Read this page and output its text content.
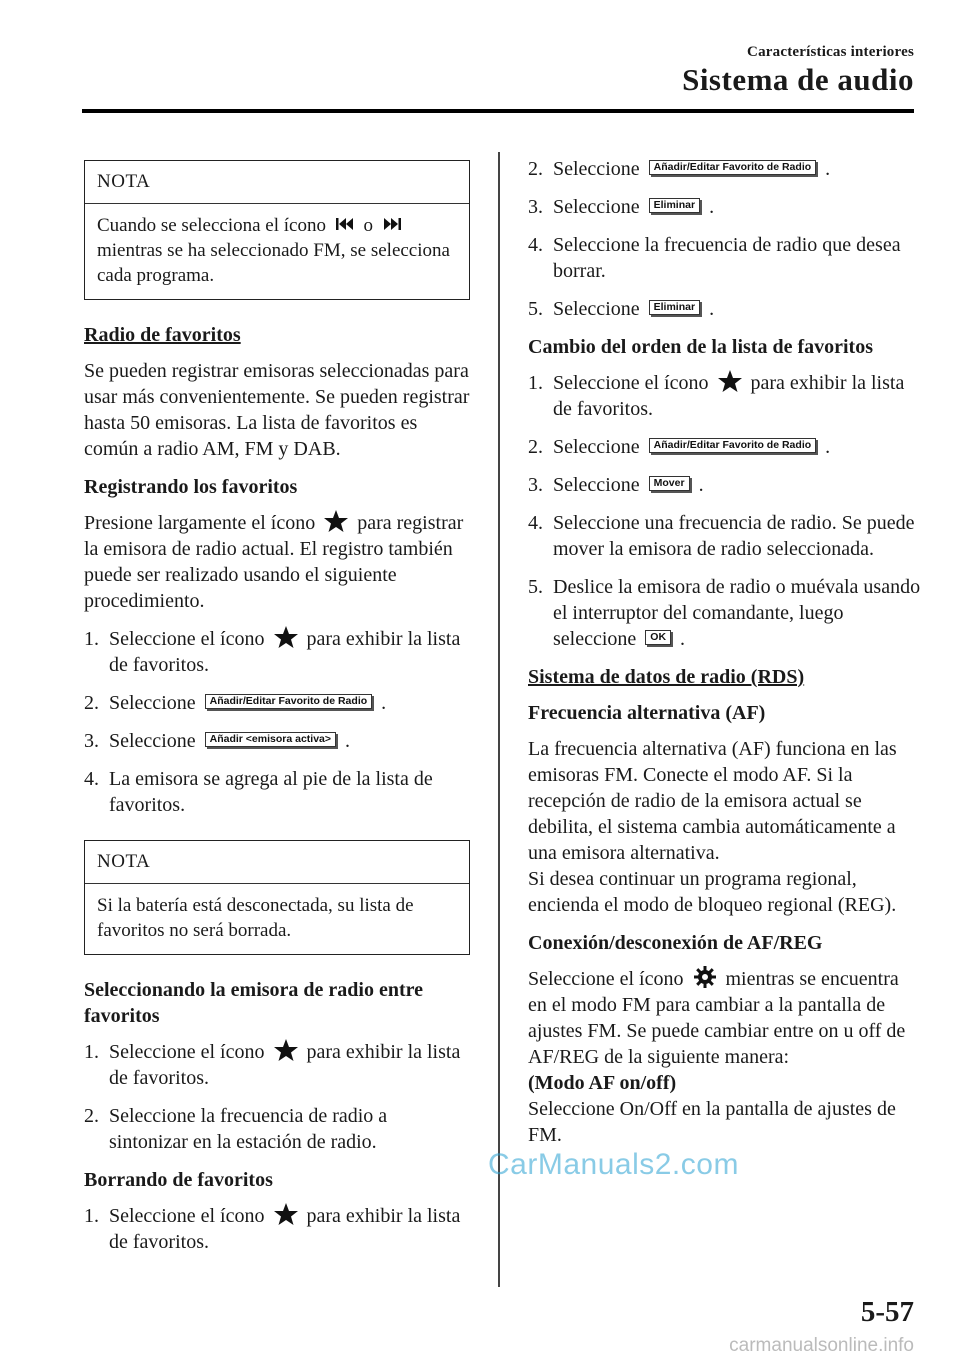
Características interiores
Sistema de audio
NOTA
Cuando se selecciona el ícono o
mientras se ha seleccionado FM, se selecciona cada programa.
Radio de favoritos

Se pueden registrar emisoras seleccionadas para usar más convenientemente. Se pueden registrar hasta 50 emisoras. La lista de favoritos es común a radio AM, FM y DAB.

Registrando los favoritos

Presione largamente el ícono para registrar la emisora de radio actual. El registro también puede ser realizado usando el siguiente procedimiento.

1. Seleccione el ícono para exhibir la lista de favoritos.
2. Seleccione Añadir/Editar Favorito de Radio .
3. Seleccione Añadir <emisora activa> .
4. La emisora se agrega al pie de la lista de favoritos.
NOTA
Si la batería está desconectada, su lista de favoritos no será borrada.
Seleccionando la emisora de radio entre favoritos
1. Seleccione el ícono para exhibir la lista de favoritos.
2. Seleccione la frecuencia de radio a sintonizar en la estación de radio.
Borrando de favoritos
1. Seleccione el ícono para exhibir la lista de favoritos.
2. Seleccione Añadir/Editar Favorito de Radio .
3. Seleccione Eliminar .
4. Seleccione la frecuencia de radio que desea borrar.
5. Seleccione Eliminar .
Cambio del orden de la lista de favoritos
1. Seleccione el ícono para exhibir la lista de favoritos.
2. Seleccione Añadir/Editar Favorito de Radio .
3. Seleccione Mover .
4. Seleccione una frecuencia de radio. Se puede mover la emisora de radio seleccionada.
5. Deslice la emisora de radio o muévala usando el interruptor del comandante, luego seleccione OK .
Sistema de datos de radio (RDS)
Frecuencia alternativa (AF)

La frecuencia alternativa (AF) funciona en las emisoras FM. Conecte el modo AF. Si la recepción de radio de la emisora actual se debilita, el sistema cambia automáticamente a una emisora alternativa.

Si desea continuar un programa regional, encienda el modo de bloqueo regional (REG).

Conexión/desconexión de AF/REG

Seleccione el ícono mientras se encuentra en el modo FM para cambiar a la pantalla de ajustes FM. Se puede cambiar entre on u off de AF/REG de la siguiente manera:

(Modo AF on/off)

Seleccione On/Off en la pantalla de ajustes de FM.

CarManuals2.com
5-57
carmanualsonline.info
